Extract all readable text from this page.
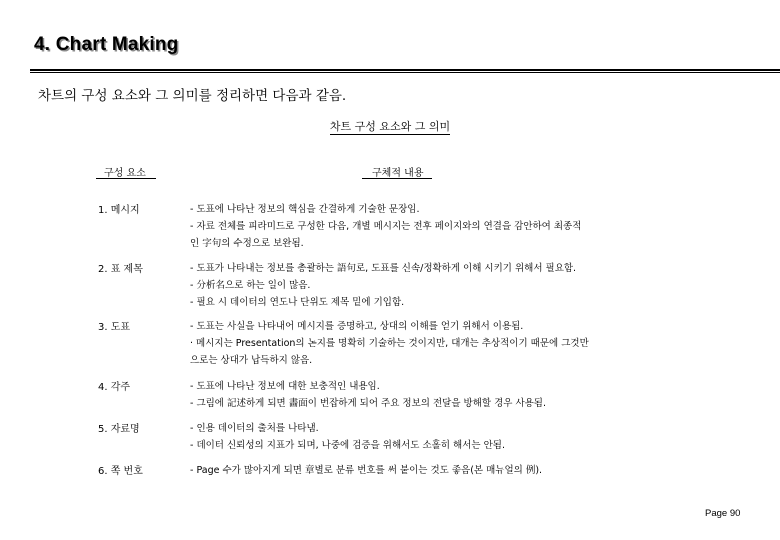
4. Chart Making
차트의 구성 요소와 그 의미를 정리하면 다음과 같음.
차트 구성 요소와 그 의미
구성 요소	구체적 내용
1. 메시지	- 도표에 나타난 정보의 핵심을 간결하게 기술한 문장임.
- 자료 전체를 피라미드로 구성한 다음, 개별 메시지는 전후 페이지와의 연결을 감안하여 최종적
인 字句의 수정으로 보완됨.
2. 표 제목	- 도표가 나타내는 정보를 총괄하는 語句로, 도표를 신속/정확하게 이해 시키기 위해서 필요함.
- 分析名으로 하는 일이 많음.
- 필요 시 데이터의 연도나 단위도 제목 밑에 기입함.
3. 도표	- 도표는 사실을 나타내어 메시지를 증명하고, 상대의 이해를 얻기 위해서 이용됨.
· 메시지는 Presentation의 논지를 명확히 기술하는 것이지만, 대개는 추상적이기 때문에 그것만
으로는 상대가 납득하지 않음.
4. 각주	- 도표에 나타난 정보에 대한 보충적인 내용임.
- 그림에 記述하게 되면 畵面이 번잡하게 되어 주요 정보의 전달을 방해할 경우 사용됨.
5. 자료명	- 인용 데이터의 출처를 나타냄.
- 데이터 신뢰성의 지표가 되며, 나중에 검증을 위해서도 소홀히 해서는 안됨.
6. 쪽 번호	- Page 수가 많아지게 되면 章별로 분류 번호를 써 붙이는 것도 좋음(본 매뉴얼의 例).
Page 90
